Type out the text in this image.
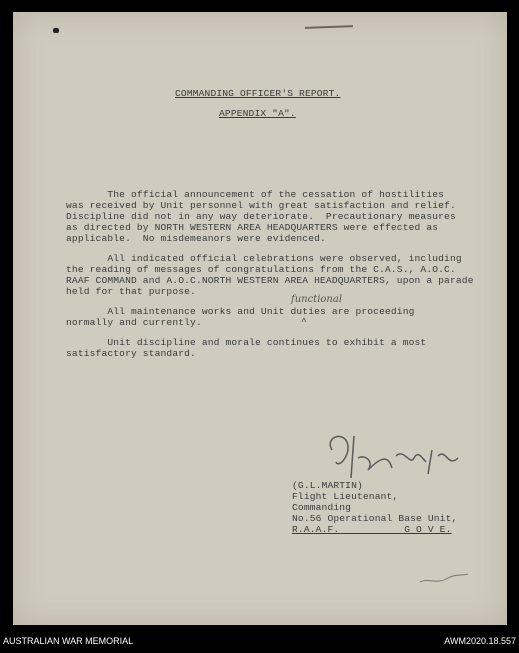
COMMANDING OFFICER'S REPORT.
APPENDIX "A".
The official announcement of the cessation of hostilities
was received by Unit personnel with great satisfaction and relief.
Discipline did not in any way deteriorate.  Precautionary measures
as directed by NORTH WESTERN AREA HEADQUARTERS were effected as
applicable.  No misdemeanors were evidenced.
All indicated official celebrations were observed, including
the reading of messages of congratulations from the C.A.S., A.O.C.
RAAF COMMAND and A.O.C.NORTH WESTERN AREA HEADQUARTERS, upon a parade
held for that purpose.
functional
All maintenance works and Unit duties are proceeding
normally and currently.	^
Unit discipline and morale continues to exhibit a most
satisfactory standard.
(G.L.MARTIN)
Flight Lieutenant,
Commanding
No.56 Operational Base Unit,
R.A.A.F.           G O V E.
AUSTRALIAN WAR MEMORIAL	AWM2020.18.557
